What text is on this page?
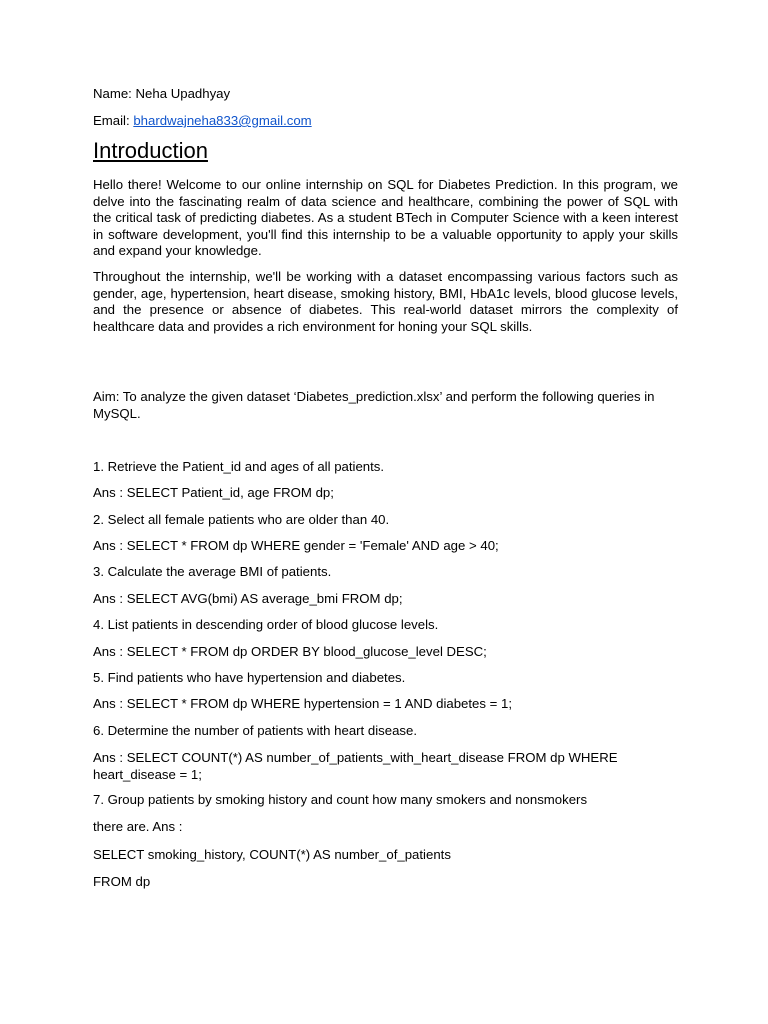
Name: Neha Upadhyay
Email: bhardwajneha833@gmail.com
Introduction
Hello there! Welcome to our online internship on SQL for Diabetes Prediction. In this program, we delve into the fascinating realm of data science and healthcare, combining the power of SQL with the critical task of predicting diabetes. As a student BTech in Computer Science with a keen interest in software development, you'll find this internship to be a valuable opportunity to apply your skills and expand your knowledge.
Throughout the internship, we'll be working with a dataset encompassing various factors such as gender, age, hypertension, heart disease, smoking history, BMI, HbA1c levels, blood glucose levels, and the presence or absence of diabetes. This real-world dataset mirrors the complexity of healthcare data and provides a rich environment for honing your SQL skills.
Aim: To analyze the given dataset ‘Diabetes_prediction.xlsx’ and perform the following queries in MySQL.
1. Retrieve the Patient_id and ages of all patients.
Ans : SELECT Patient_id, age FROM dp;
2. Select all female patients who are older than 40.
Ans : SELECT * FROM dp WHERE gender = 'Female' AND age > 40;
3. Calculate the average BMI of patients.
Ans : SELECT AVG(bmi) AS average_bmi FROM dp;
4. List patients in descending order of blood glucose levels.
Ans : SELECT * FROM dp ORDER BY blood_glucose_level DESC;
5. Find patients who have hypertension and diabetes.
Ans : SELECT * FROM dp WHERE hypertension = 1 AND diabetes = 1;
6. Determine the number of patients with heart disease.
Ans : SELECT COUNT(*) AS number_of_patients_with_heart_disease FROM dp WHERE heart_disease = 1;
7. Group patients by smoking history and count how many smokers and nonsmokers
there are. Ans :
SELECT smoking_history, COUNT(*) AS number_of_patients
FROM dp
